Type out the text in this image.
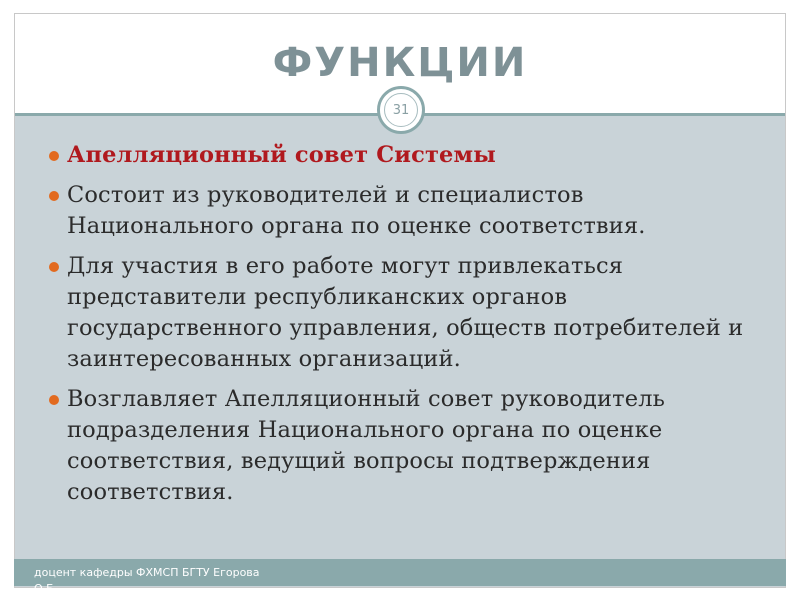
ФУНКЦИИ
31
Апелляционный совет Системы
Состоит из руководителей и специалистов Национального органа по оценке соответствия.
Для участия в его работе могут привлекаться представители республиканских органов государственного управления, обществ потребителей и заинтересованных организаций.
Возглавляет Апелляционный совет руководитель подразделения Национального органа по оценке соответствия, ведущий вопросы подтверждения соответствия.
доцент кафедры ФХМСП БГТУ Егорова
О.Б.
